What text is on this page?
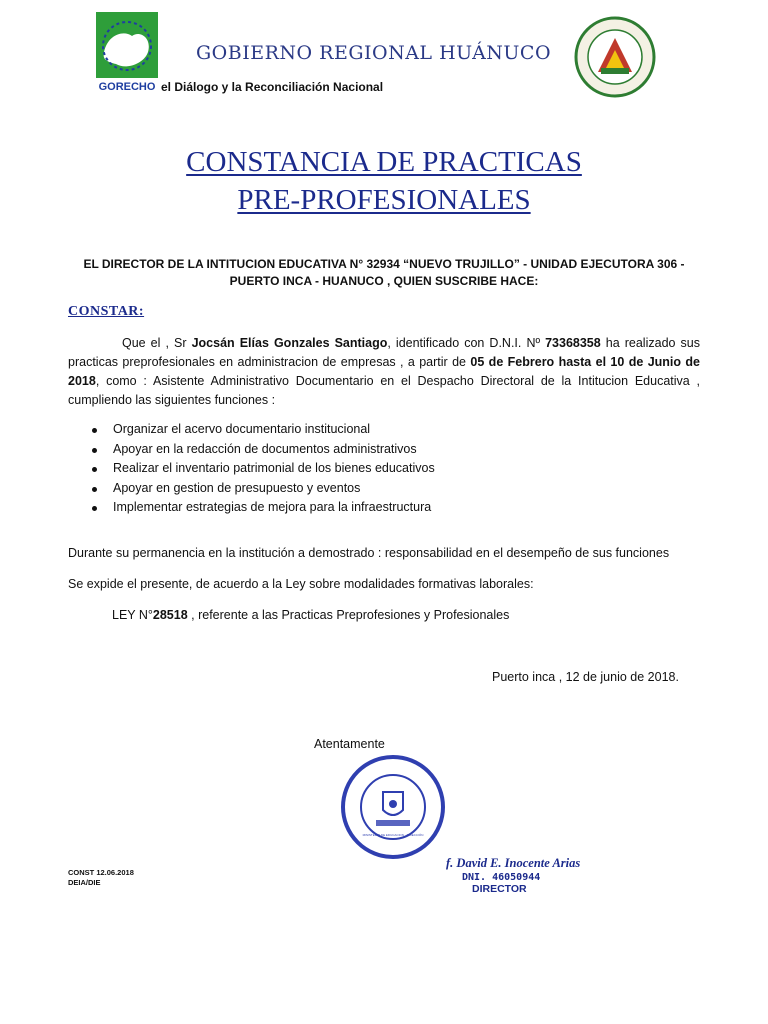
GORECHO
GOBIERNO REGIONAL HUÁNUCO
el Diálogo y la Reconciliación Nacional
CONSTANCIA DE PRACTICAS
PRE-PROFESIONALES
EL DIRECTOR DE LA INTITUCION EDUCATIVA N° 32934 “NUEVO TRUJILLO” - UNIDAD EJECUTORA 306 - PUERTO INCA - HUANUCO , QUIEN SUSCRIBE HACE:
CONSTAR:
Que el , Sr Jocsán Elías Gonzales Santiago, identificado con D.N.I. Nº 73368358 ha realizado sus practicas preprofesionales en administracion de empresas , a partir de 05 de Febrero hasta el 10 de Junio de 2018, como : Asistente Administrativo Documentario en el Despacho Directoral de la Intitucion Educativa , cumpliendo las siguientes funciones :
Organizar el acervo documentario institucional
Apoyar en la redacción de documentos administrativos
Realizar el inventario patrimonial de los bienes educativos
Apoyar en gestion de presupuesto y eventos
Implementar estrategias de mejora para la infraestructura
Durante su permanencia en la institución a demostrado : responsabilidad en el desempeño de sus funciones
Se expide el presente, de acuerdo a la Ley sobre modalidades formativas laborales:
LEY N°28518 , referente a las Practicas Preprofesiones y Profesionales
Puerto inca , 12 de junio de 2018.
Atentamente
MINISTERIO DE EDUCACION · DIRECCIÓN
f. David E. Inocente Arias
DNI. 46050944
DIRECTOR
CONST 12.06.2018
DEIA/DIE
